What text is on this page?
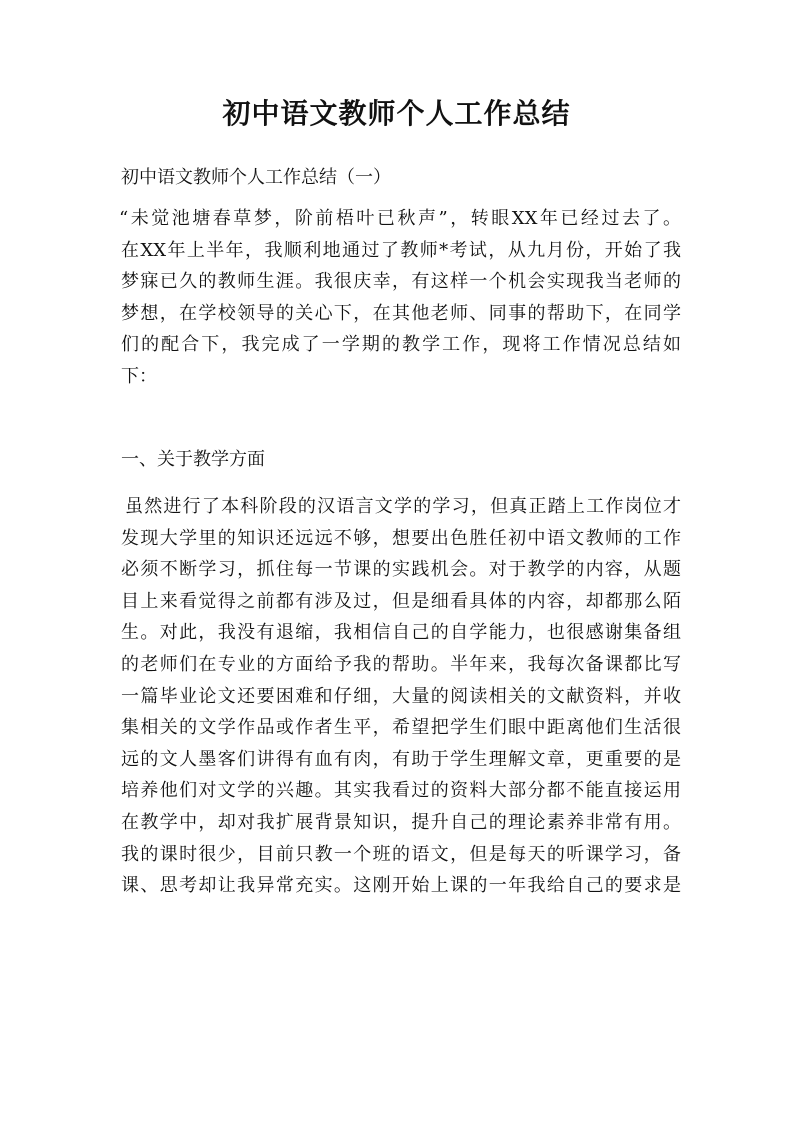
初中语文教师个人工作总结
初中语文教师个人工作总结（一）
“未觉池塘春草梦，阶前梧叶已秋声”，转眼XX年已经过去了。
在XX年上半年，我顺利地通过了教师*考试，从九月份，开始了我
梦寐已久的教师生涯。我很庆幸，有这样一个机会实现我当老师的
梦想，在学校领导的关心下，在其他老师、同事的帮助下，在同学
们的配合下，我完成了一学期的教学工作，现将工作情况总结如
下：
一、关于教学方面
虽然进行了本科阶段的汉语言文学的学习，但真正踏上工作岗位才
发现大学里的知识还远远不够，想要出色胜任初中语文教师的工作
必须不断学习，抓住每一节课的实践机会。对于教学的内容，从题
目上来看觉得之前都有涉及过，但是细看具体的内容，却都那么陌
生。对此，我没有退缩，我相信自己的自学能力，也很感谢集备组
的老师们在专业的方面给予我的帮助。半年来，我每次备课都比写
一篇毕业论文还要困难和仔细，大量的阅读相关的文献资料，并收
集相关的文学作品或作者生平，希望把学生们眼中距离他们生活很
远的文人墨客们讲得有血有肉，有助于学生理解文章，更重要的是
培养他们对文学的兴趣。其实我看过的资料大部分都不能直接运用
在教学中，却对我扩展背景知识，提升自己的理论素养非常有用。
我的课时很少，目前只教一个班的语文，但是每天的听课学习，备
课、思考却让我异常充实。这刚开始上课的一年我给自己的要求是
